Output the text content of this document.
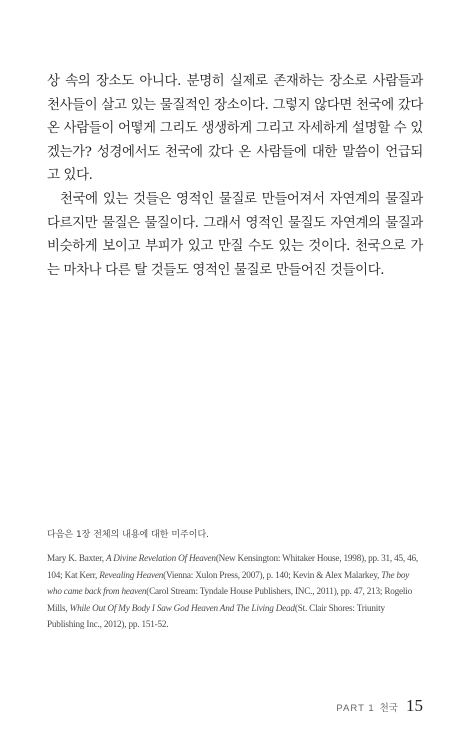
상 속의 장소도 아니다. 분명히 실제로 존재하는 장소로 사람들과 천사들이 살고 있는 물질적인 장소이다. 그렇지 않다면 천국에 갔다 온 사람들이 어떻게 그리도 생생하게 그리고 자세하게 설명할 수 있겠는가? 성경에서도 천국에 갔다 온 사람들에 대한 말씀이 언급되고 있다.

천국에 있는 것들은 영적인 물질로 만들어져서 자연계의 물질과 다르지만 물질은 물질이다. 그래서 영적인 물질도 자연계의 물질과 비슷하게 보이고 부피가 있고 만질 수도 있는 것이다. 천국으로 가는 마차나 다른 탈 것들도 영적인 물질로 만들어진 것들이다.

다음은 1장 전체의 내용에 대한 미주이다.
Mary K. Baxter, A Divine Revelation Of Heaven(New Kensington: Whitaker House, 1998), pp. 31, 45, 46, 104; Kat Kerr, Revealing Heaven(Vienna: Xulon Press, 2007), p. 140; Kevin & Alex Malarkey, The boy who came back from heaven(Carol Stream: Tyndale House Publishers, INC., 2011), pp. 47, 213; Rogelio Mills, While Out Of My Body I Saw God Heaven And The Living Dead(St. Clair Shores: Triunity Publishing Inc., 2012), pp. 151-52.
PART 1 천국 15
